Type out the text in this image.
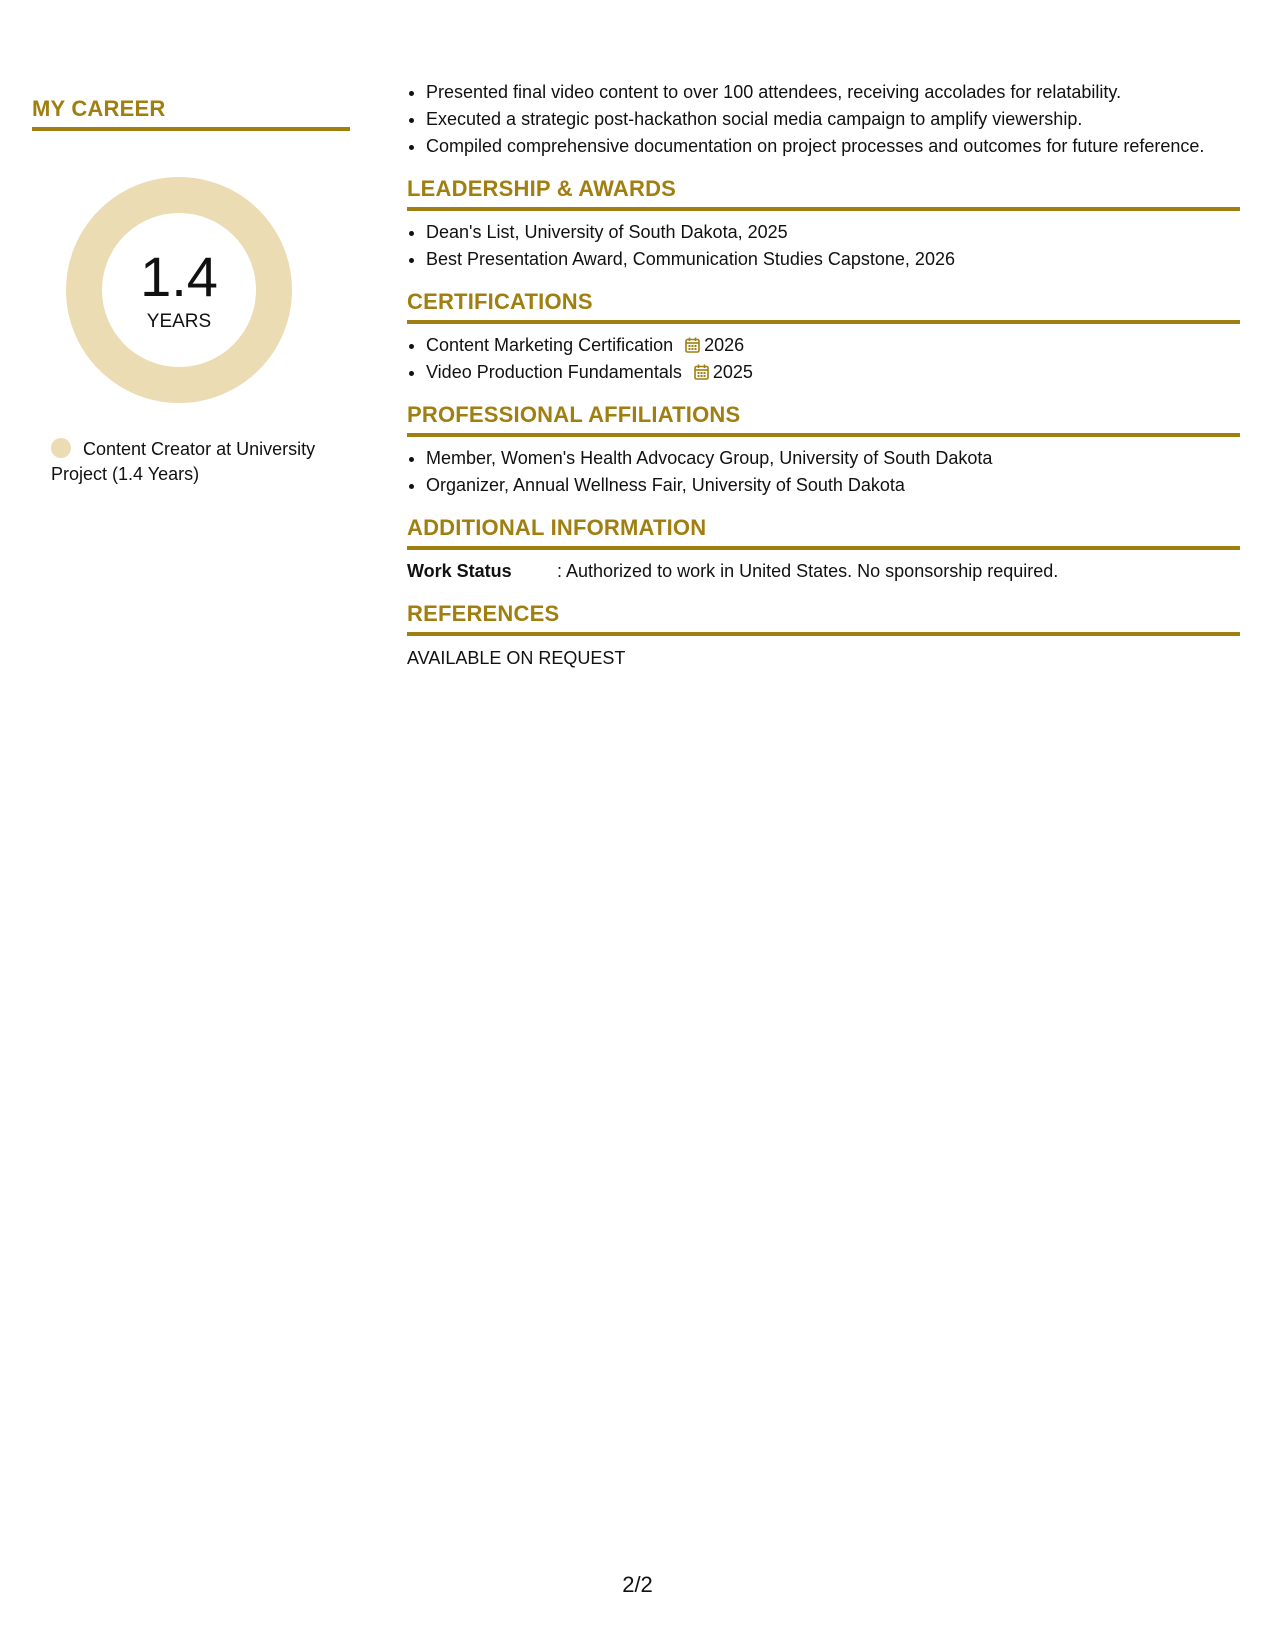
MY CAREER
1.4
YEARS
Content Creator at University Project (1.4 Years)
• Presented final video content to over 100 attendees, receiving accolades for relatability.
• Executed a strategic post-hackathon social media campaign to amplify viewership.
• Compiled comprehensive documentation on project processes and outcomes for future reference.
LEADERSHIP & AWARDS
• Dean's List, University of South Dakota, 2025
• Best Presentation Award, Communication Studies Capstone, 2026
CERTIFICATIONS
• Content Marketing Certification 2026
• Video Production Fundamentals 2025
PROFESSIONAL AFFILIATIONS
• Member, Women's Health Advocacy Group, University of South Dakota
• Organizer, Annual Wellness Fair, University of South Dakota
ADDITIONAL INFORMATION
Work Status	: Authorized to work in United States. No sponsorship required.
REFERENCES
AVAILABLE ON REQUEST
2/2
